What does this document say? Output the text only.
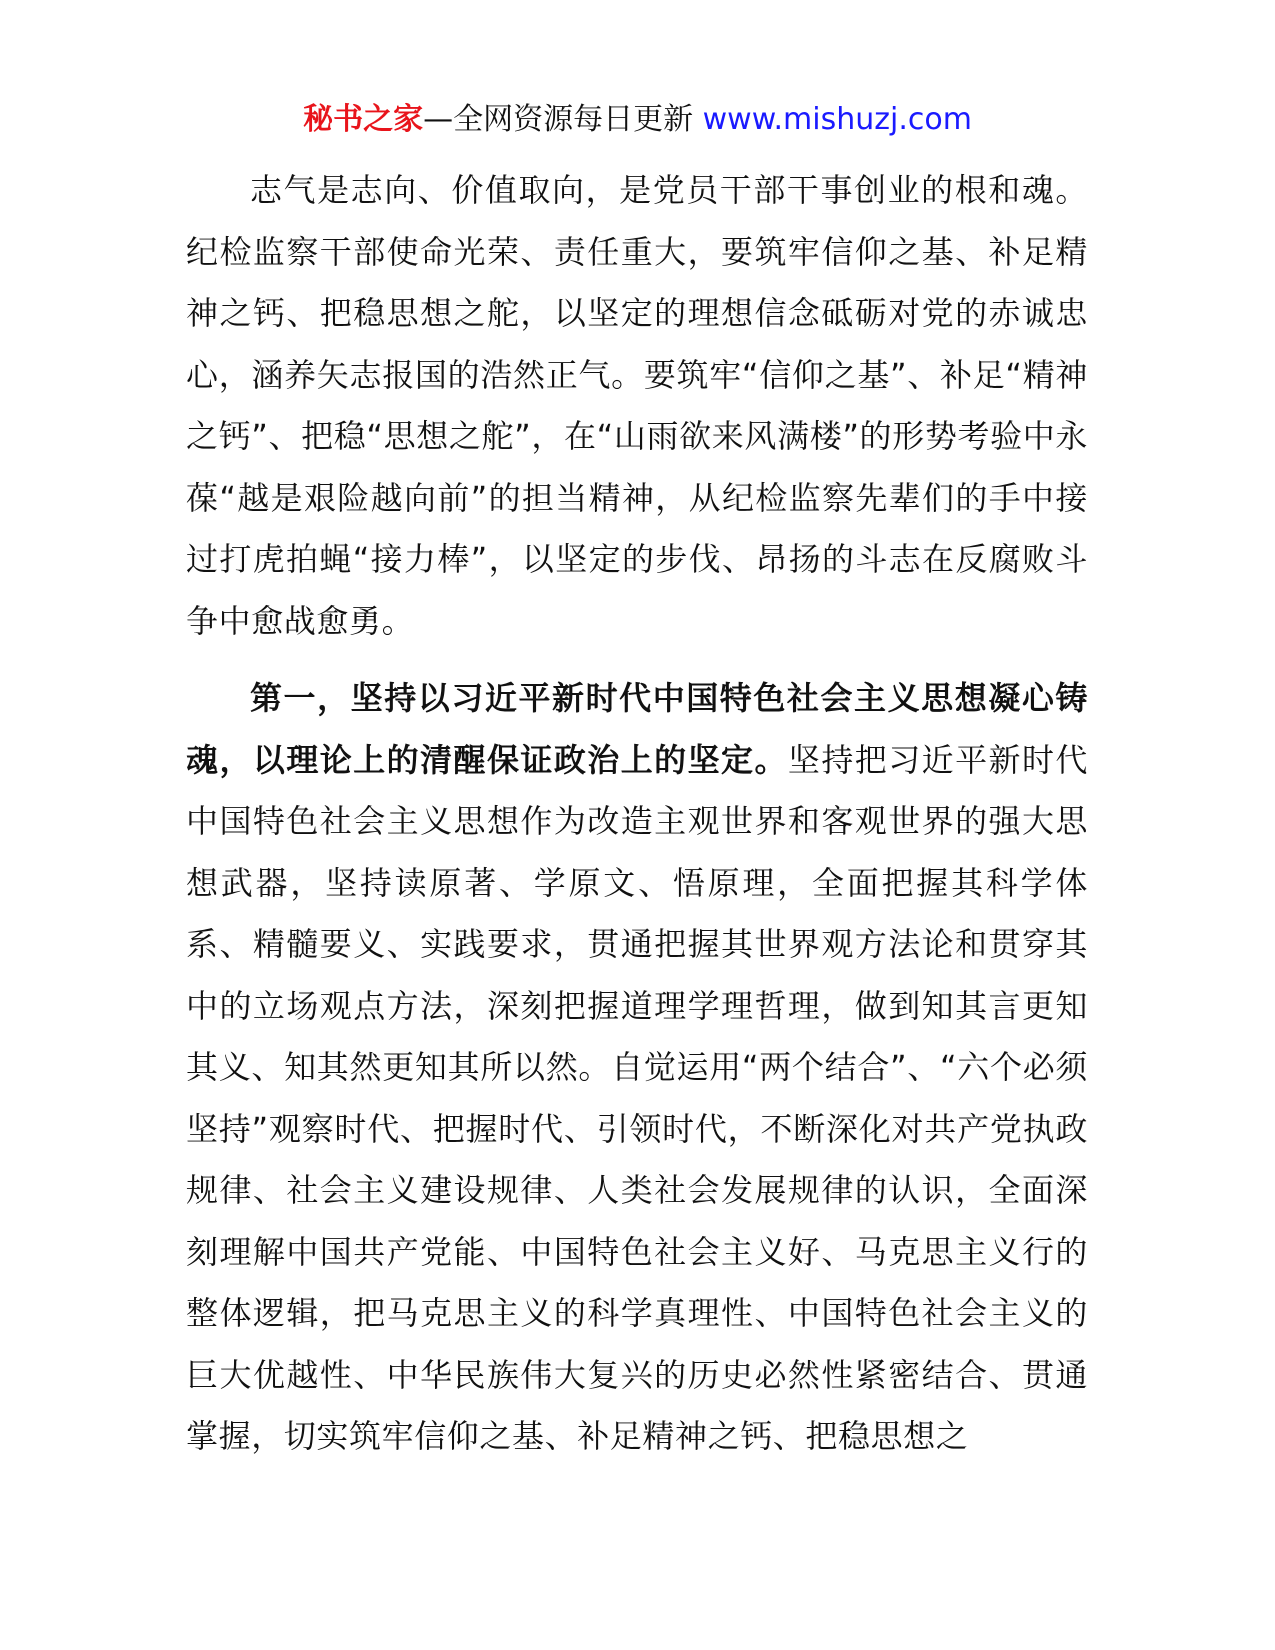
秘书之家—全网资源每日更新 www.mishuzj.com

志气是志向、价值取向，是党员干部干事创业的根和魂。纪检监察干部使命光荣、责任重大，要筑牢信仰之基、补足精神之钙、把稳思想之舵，以坚定的理想信念砥砺对党的赤诚忠心，涵养矢志报国的浩然正气。要筑牢“信仰之基”、补足“精神之钙”、把稳“思想之舵”，在“山雨欲来风满楼”的形势考验中永葆“越是艰险越向前”的担当精神，从纪检监察先辈们的手中接过打虎拍蝇“接力棒”，以坚定的步伐、昂扬的斗志在反腐败斗争中愈战愈勇。

第一，坚持以习近平新时代中国特色社会主义思想凝心铸魂，以理论上的清醒保证政治上的坚定。坚持把习近平新时代中国特色社会主义思想作为改造主观世界和客观世界的强大思想武器，坚持读原著、学原文、悟原理，全面把握其科学体系、精髓要义、实践要求，贯通把握其世界观方法论和贯穿其中的立场观点方法，深刻把握道理学理哲理，做到知其言更知其义、知其然更知其所以然。自觉运用“两个结合”、“六个必须坚持”观察时代、把握时代、引领时代，不断深化对共产党执政规律、社会主义建设规律、人类社会发展规律的认识，全面深刻理解中国共产党能、中国特色社会主义好、马克思主义行的整体逻辑，把马克思主义的科学真理性、中国特色社会主义的巨大优越性、中华民族伟大复兴的历史必然性紧密结合、贯通掌握，切实筑牢信仰之基、补足精神之钙、把稳思想之
